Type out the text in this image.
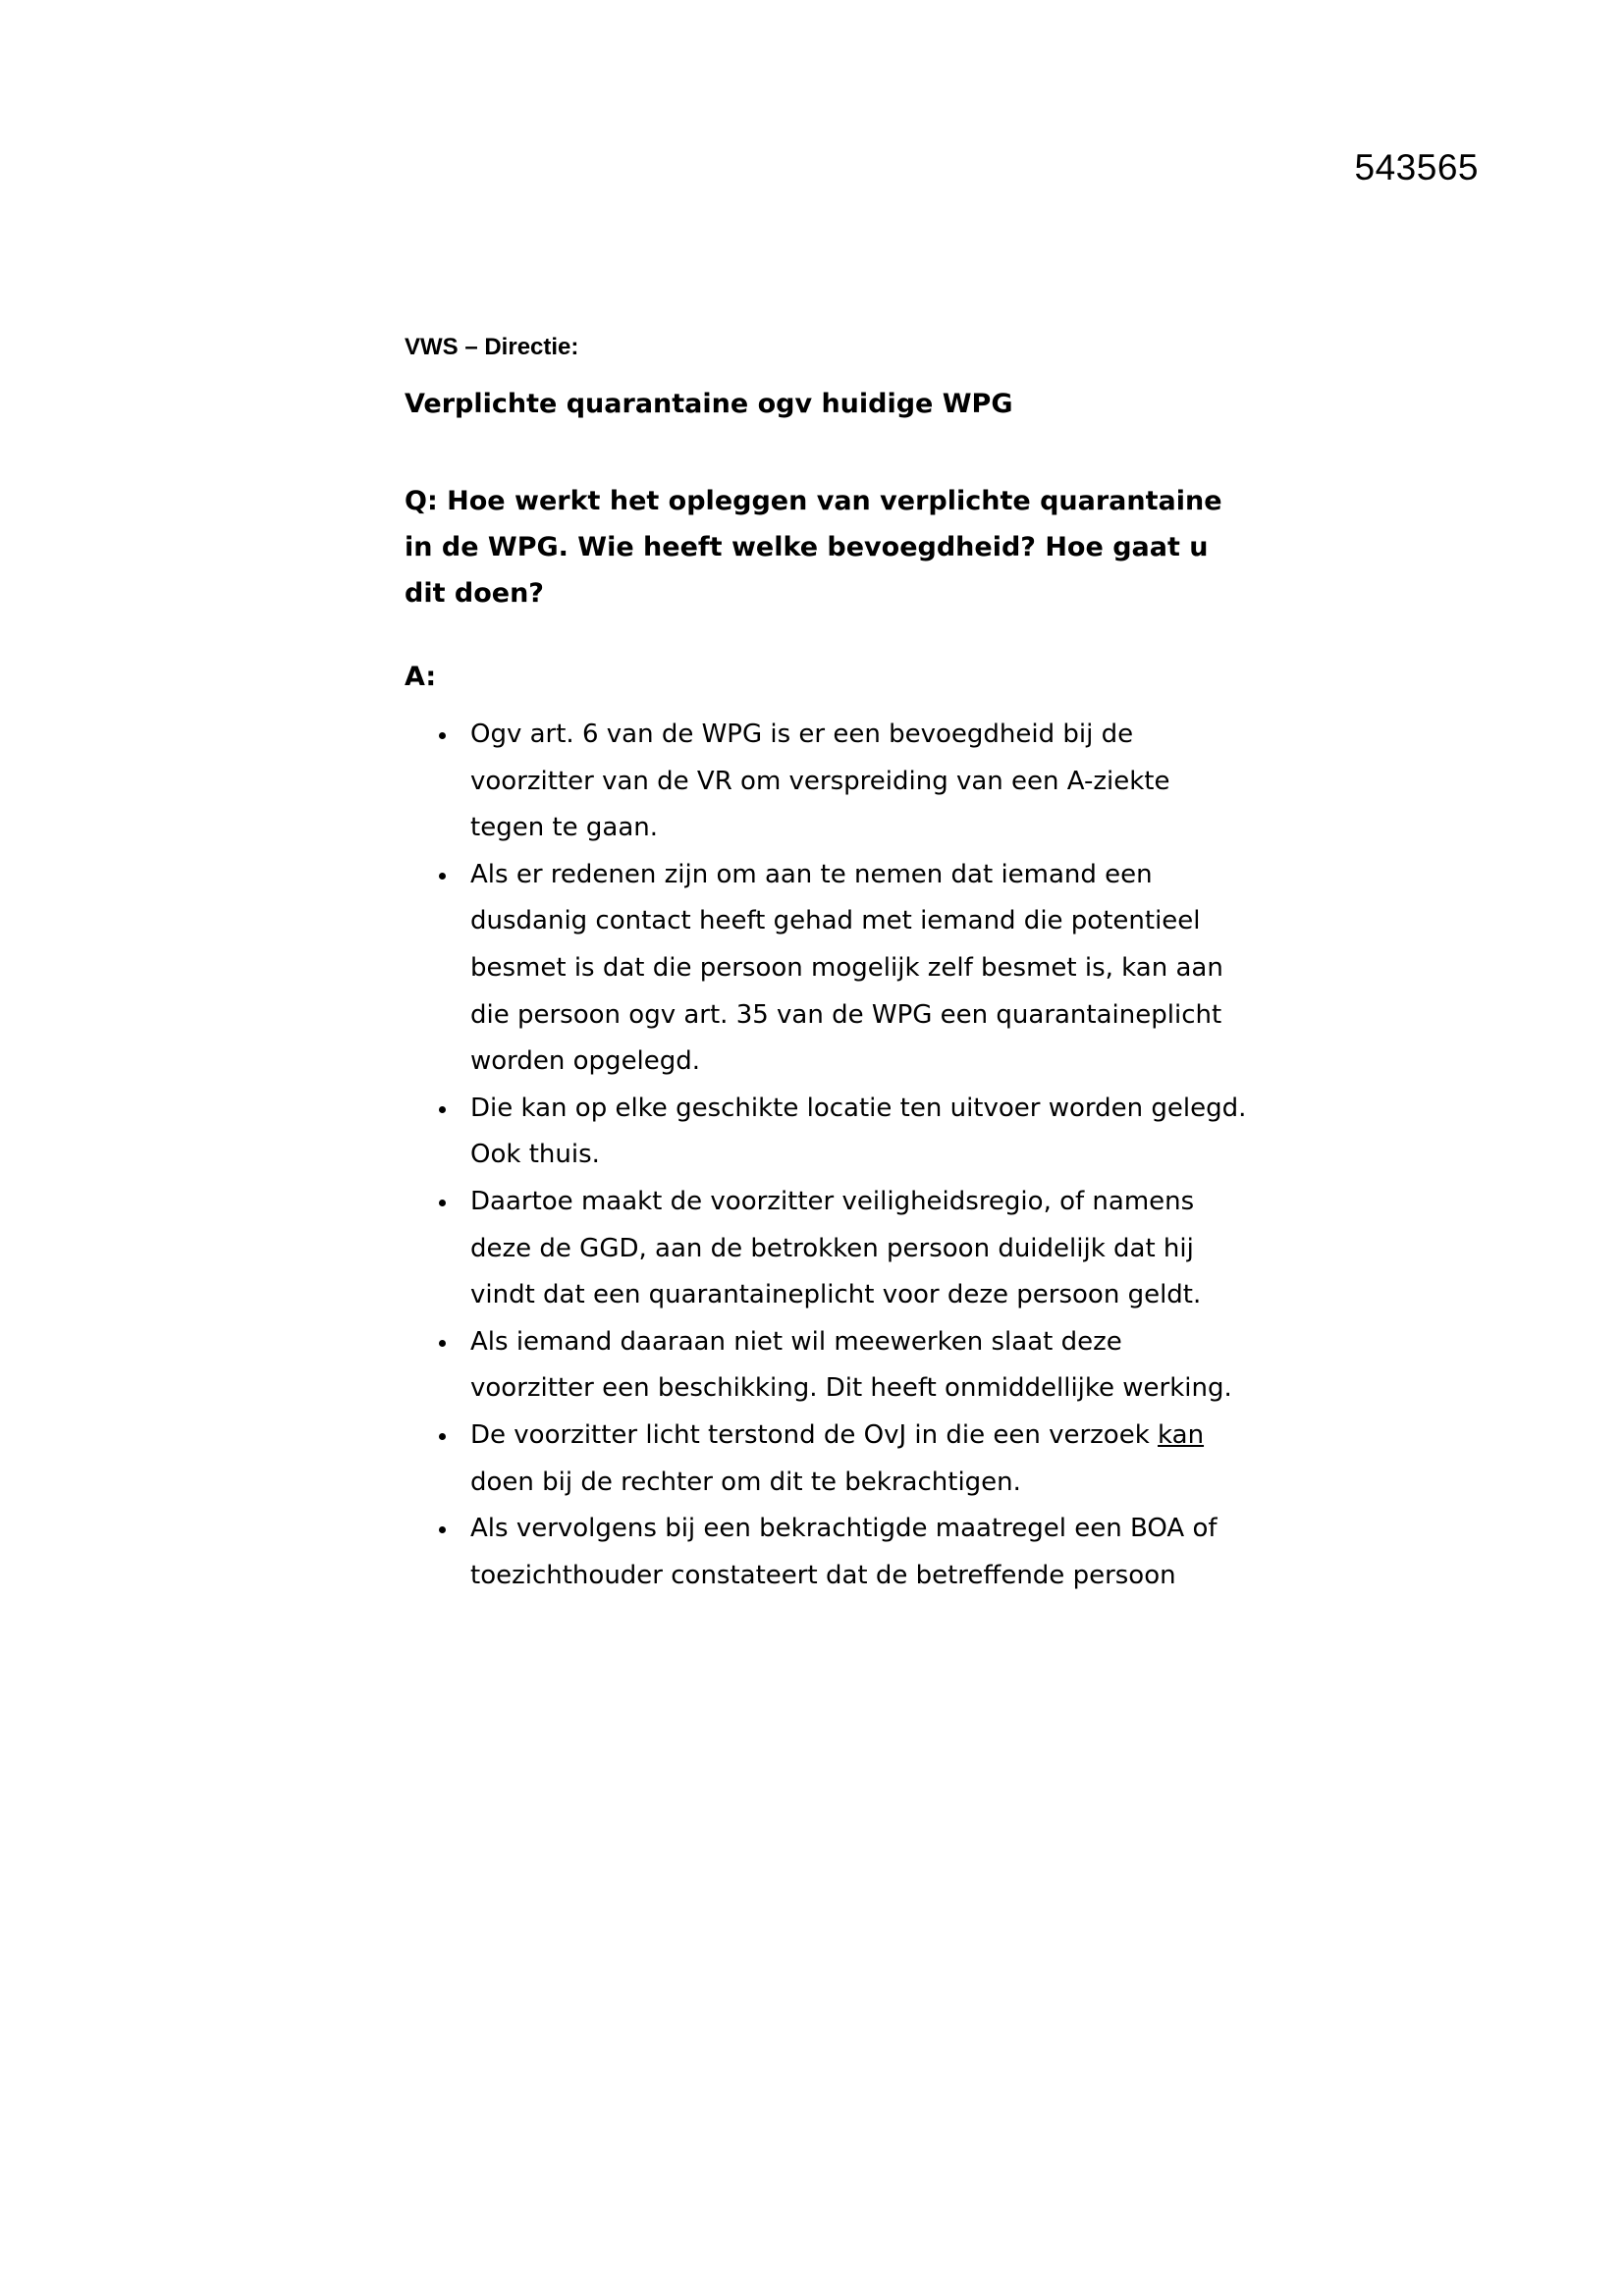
543565
VWS – Directie:
Verplichte quarantaine ogv huidige WPG
Q: Hoe werkt het opleggen van verplichte quarantaine in de WPG. Wie heeft welke bevoegdheid? Hoe gaat u dit doen?
A:
Ogv art. 6 van de WPG is er een bevoegdheid bij de voorzitter van de VR om verspreiding van een A-ziekte tegen te gaan.
Als er redenen zijn om aan te nemen dat iemand een dusdanig contact heeft gehad met iemand die potentieel besmet is dat die persoon mogelijk zelf besmet is, kan aan die persoon ogv art. 35 van de WPG een quarantaineplicht worden opgelegd.
Die kan op elke geschikte locatie ten uitvoer worden gelegd. Ook thuis.
Daartoe maakt de voorzitter veiligheidsregio, of namens deze de GGD, aan de betrokken persoon duidelijk dat hij vindt dat een quarantaineplicht voor deze persoon geldt.
Als iemand daaraan niet wil meewerken slaat deze voorzitter een beschikking. Dit heeft onmiddellijke werking.
De voorzitter licht terstond de OvJ in die een verzoek kan doen bij de rechter om dit te bekrachtigen.
Als vervolgens bij een bekrachtigde maatregel een BOA of toezichthouder constateert dat de betreffende persoon
